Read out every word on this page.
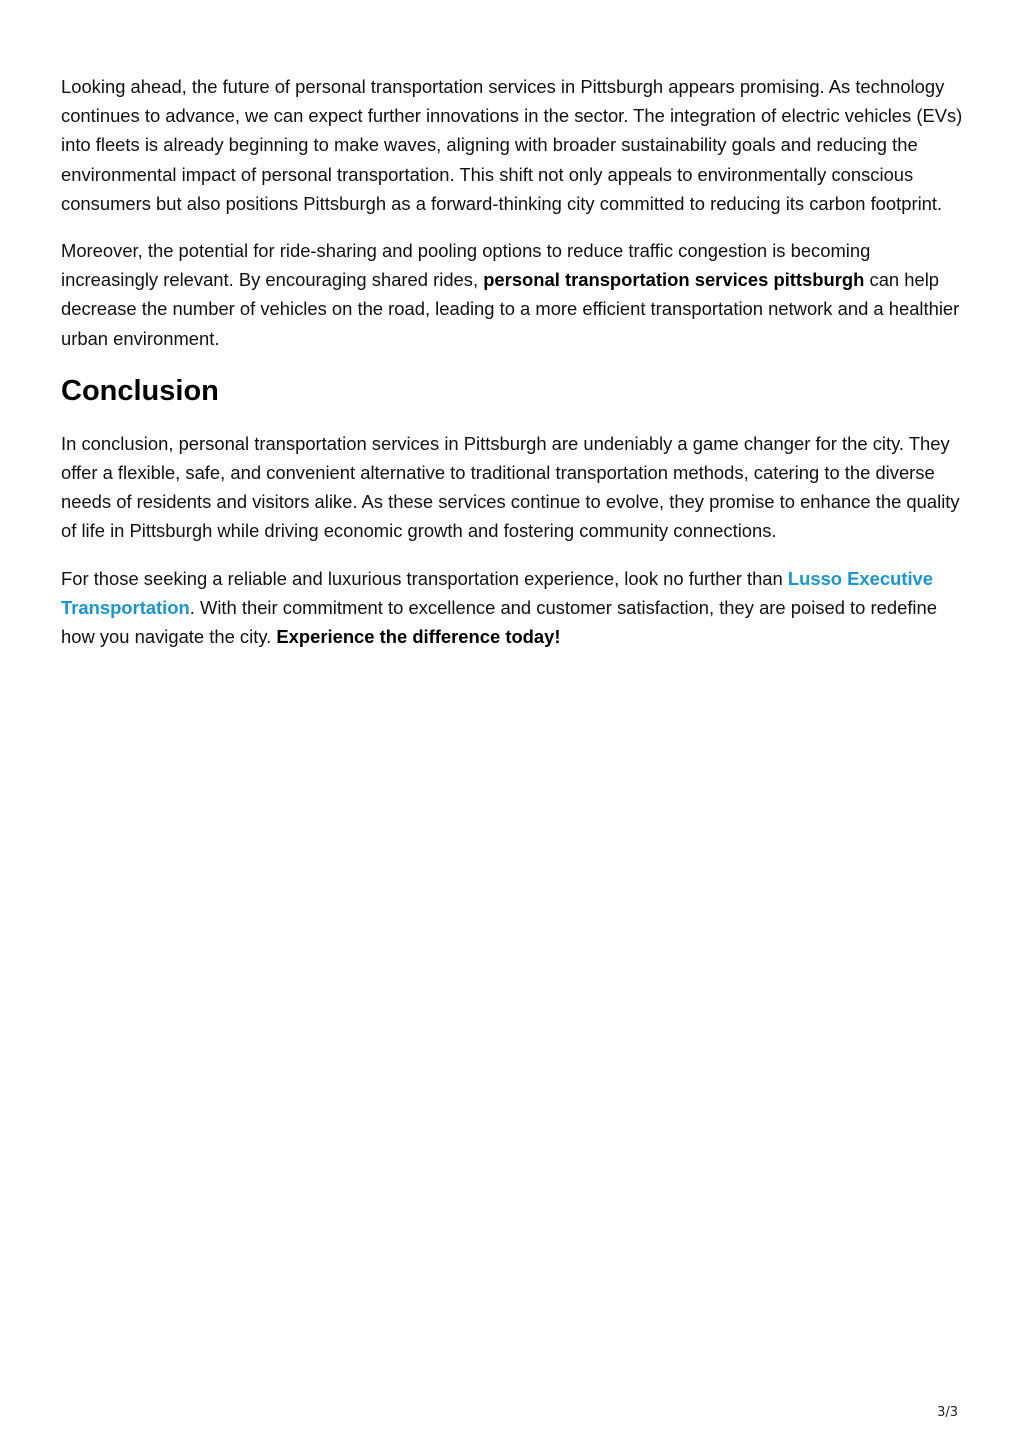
Looking ahead, the future of personal transportation services in Pittsburgh appears promising. As technology continues to advance, we can expect further innovations in the sector. The integration of electric vehicles (EVs) into fleets is already beginning to make waves, aligning with broader sustainability goals and reducing the environmental impact of personal transportation. This shift not only appeals to environmentally conscious consumers but also positions Pittsburgh as a forward-thinking city committed to reducing its carbon footprint.

Moreover, the potential for ride-sharing and pooling options to reduce traffic congestion is becoming increasingly relevant. By encouraging shared rides, personal transportation services pittsburgh can help decrease the number of vehicles on the road, leading to a more efficient transportation network and a healthier urban environment.

Conclusion

In conclusion, personal transportation services in Pittsburgh are undeniably a game changer for the city. They offer a flexible, safe, and convenient alternative to traditional transportation methods, catering to the diverse needs of residents and visitors alike. As these services continue to evolve, they promise to enhance the quality of life in Pittsburgh while driving economic growth and fostering community connections.

For those seeking a reliable and luxurious transportation experience, look no further than Lusso Executive Transportation. With their commitment to excellence and customer satisfaction, they are poised to redefine how you navigate the city. Experience the difference today!

3/3
